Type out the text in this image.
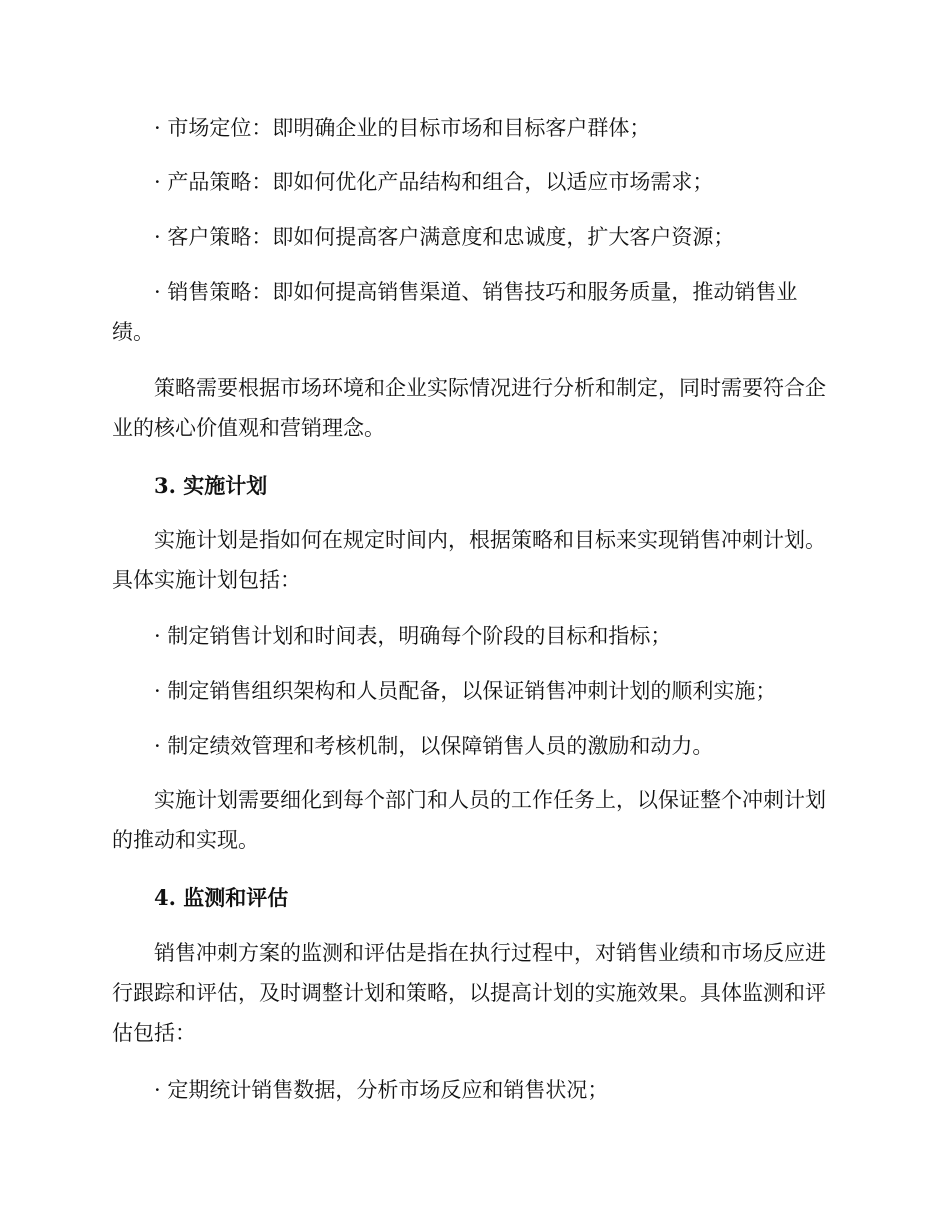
· 市场定位：即明确企业的目标市场和目标客户群体；

· 产品策略：即如何优化产品结构和组合，以适应市场需求；

· 客户策略：即如何提高客户满意度和忠诚度，扩大客户资源；

· 销售策略：即如何提高销售渠道、销售技巧和服务质量，推动销售业绩。

策略需要根据市场环境和企业实际情况进行分析和制定，同时需要符合企业的核心价值观和营销理念。

3. 实施计划

实施计划是指如何在规定时间内，根据策略和目标来实现销售冲刺计划。具体实施计划包括：

· 制定销售计划和时间表，明确每个阶段的目标和指标；

· 制定销售组织架构和人员配备，以保证销售冲刺计划的顺利实施；

· 制定绩效管理和考核机制，以保障销售人员的激励和动力。

实施计划需要细化到每个部门和人员的工作任务上，以保证整个冲刺计划的推动和实现。

4. 监测和评估

销售冲刺方案的监测和评估是指在执行过程中，对销售业绩和市场反应进行跟踪和评估，及时调整计划和策略，以提高计划的实施效果。具体监测和评估包括：

· 定期统计销售数据，分析市场反应和销售状况；
